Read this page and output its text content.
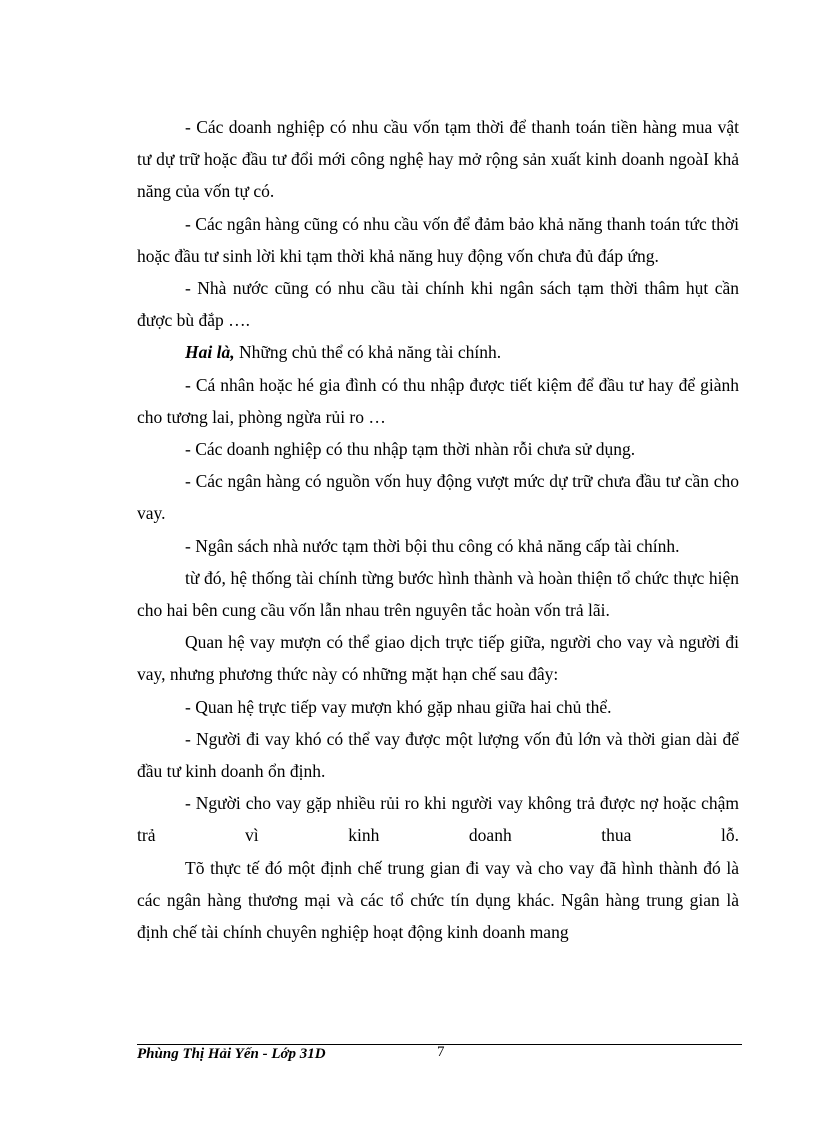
- Các doanh nghiệp có nhu cầu vốn tạm thời để thanh toán tiền hàng mua vật tư dự trữ hoặc đầu tư đổi mới công nghệ hay mở rộng sản xuất kinh doanh ngoàI khả năng của vốn tự có.

- Các ngân hàng cũng có nhu cầu vốn để đảm bảo khả năng thanh toán tức thời hoặc đầu tư sinh lời khi tạm thời khả năng huy động vốn chưa đủ đáp ứng.

- Nhà nước cũng có nhu cầu tài chính khi ngân sách tạm thời thâm hụt cần được bù đắp ….

Hai là, Những chủ thể có khả năng tài chính.

- Cá nhân hoặc hé gia đình có thu nhập được tiết kiệm để đầu tư hay để giành cho tương lai, phòng ngừa rủi ro …

- Các doanh nghiệp có thu nhập tạm thời nhàn rỗi chưa sử dụng.

- Các ngân hàng có nguồn vốn huy động vượt mức dự trữ chưa đầu tư cần cho vay.

- Ngân sách nhà nước tạm thời bội thu công có khả năng cấp tài chính.

từ đó, hệ thống tài chính từng bước hình thành và hoàn thiện tổ chức thực hiện cho hai bên cung cầu vốn lẫn nhau trên nguyên tắc hoàn vốn trả lãi.

Quan hệ vay mượn có thể giao dịch trực tiếp giữa, người cho vay và người đi vay, nhưng phương thức này có những mặt hạn chế sau đây:

- Quan hệ trực tiếp vay mượn khó gặp nhau giữa hai chủ thể.

- Người đi vay khó có thể vay được một lượng vốn đủ lớn và thời gian dài để đầu tư kinh doanh ổn định.

- Người cho vay gặp nhiều rủi ro khi người vay không trả được nợ hoặc chậm trả vì kinh doanh thua lỗ.

Tõ thực tế đó một định chế trung gian đi vay và cho vay đã hình thành đó là các ngân hàng thương mại và các tổ chức tín dụng khác. Ngân hàng trung gian là định chế tài chính chuyên nghiệp hoạt động kinh doanh mang

Phùng Thị Hải Yến - Lớp 31D	7
